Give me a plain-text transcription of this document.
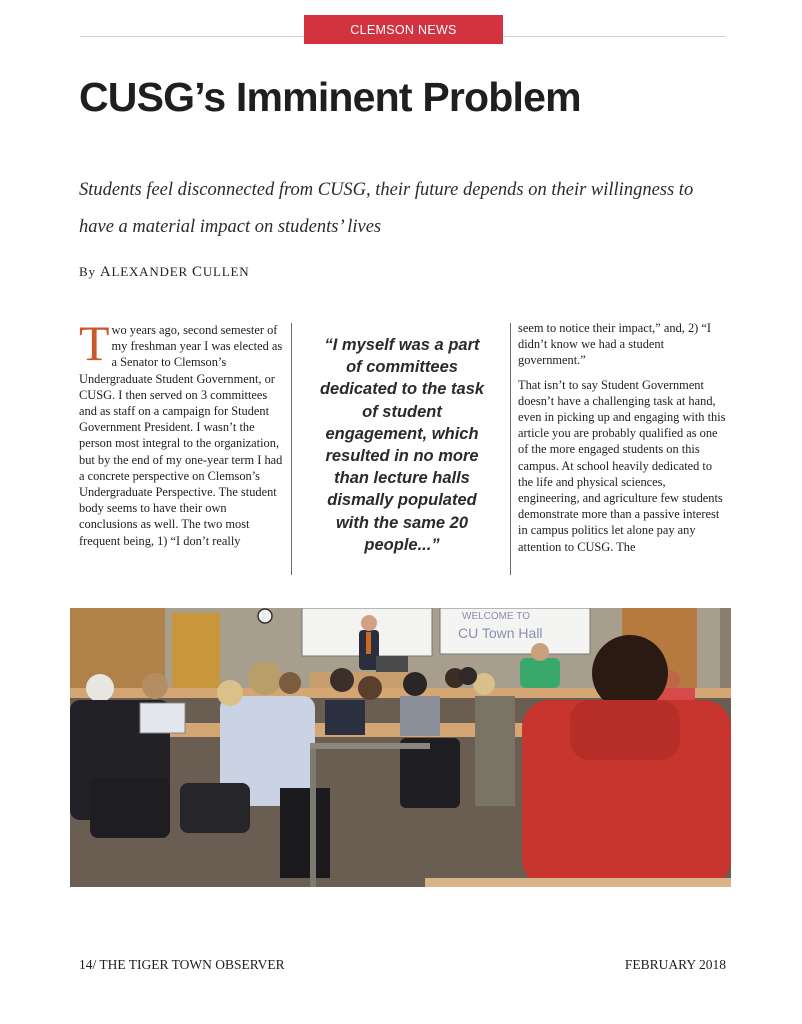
CLEMSON NEWS
CUSG’s Imminent Problem

Students feel disconnected from CUSG, their future depends on their willingness to have a material impact on students’ lives

By ALEXANDER CULLEN
T wo years ago, second semester of my freshman year I was elected as a Senator to Clemson’s Undergraduate Student Government, or CUSG. I then served on 3 committees and as staff on a campaign for Student Government President. I wasn’t the person most integral to the organization, but by the end of my one-year term I had a concrete perspective on Clemson’s Undergraduate Perspective. The student body seems to have their own conclusions as well. The two most frequent being, 1) “I don’t really

“I myself was a part of committees dedicated to the task of student engagement, which resulted in no more than lecture halls dismally populated with the same 20 people...”

seem to notice their impact,” and, 2) “I didn’t know we had a student government.”

That isn’t to say Student Government doesn’t have a challenging task at hand, even in picking up and engaging with this article you are probably qualified as one of the more engaged students on this campus. At school heavily dedicated to the life and physical sciences, engineering, and agriculture few students demonstrate more than a passive interest in campus politics let alone pay any attention to CUSG. The

WELCOME TO
CU Town Hall
14/ THE TIGER TOWN OBSERVER	FEBRUARY 2018
